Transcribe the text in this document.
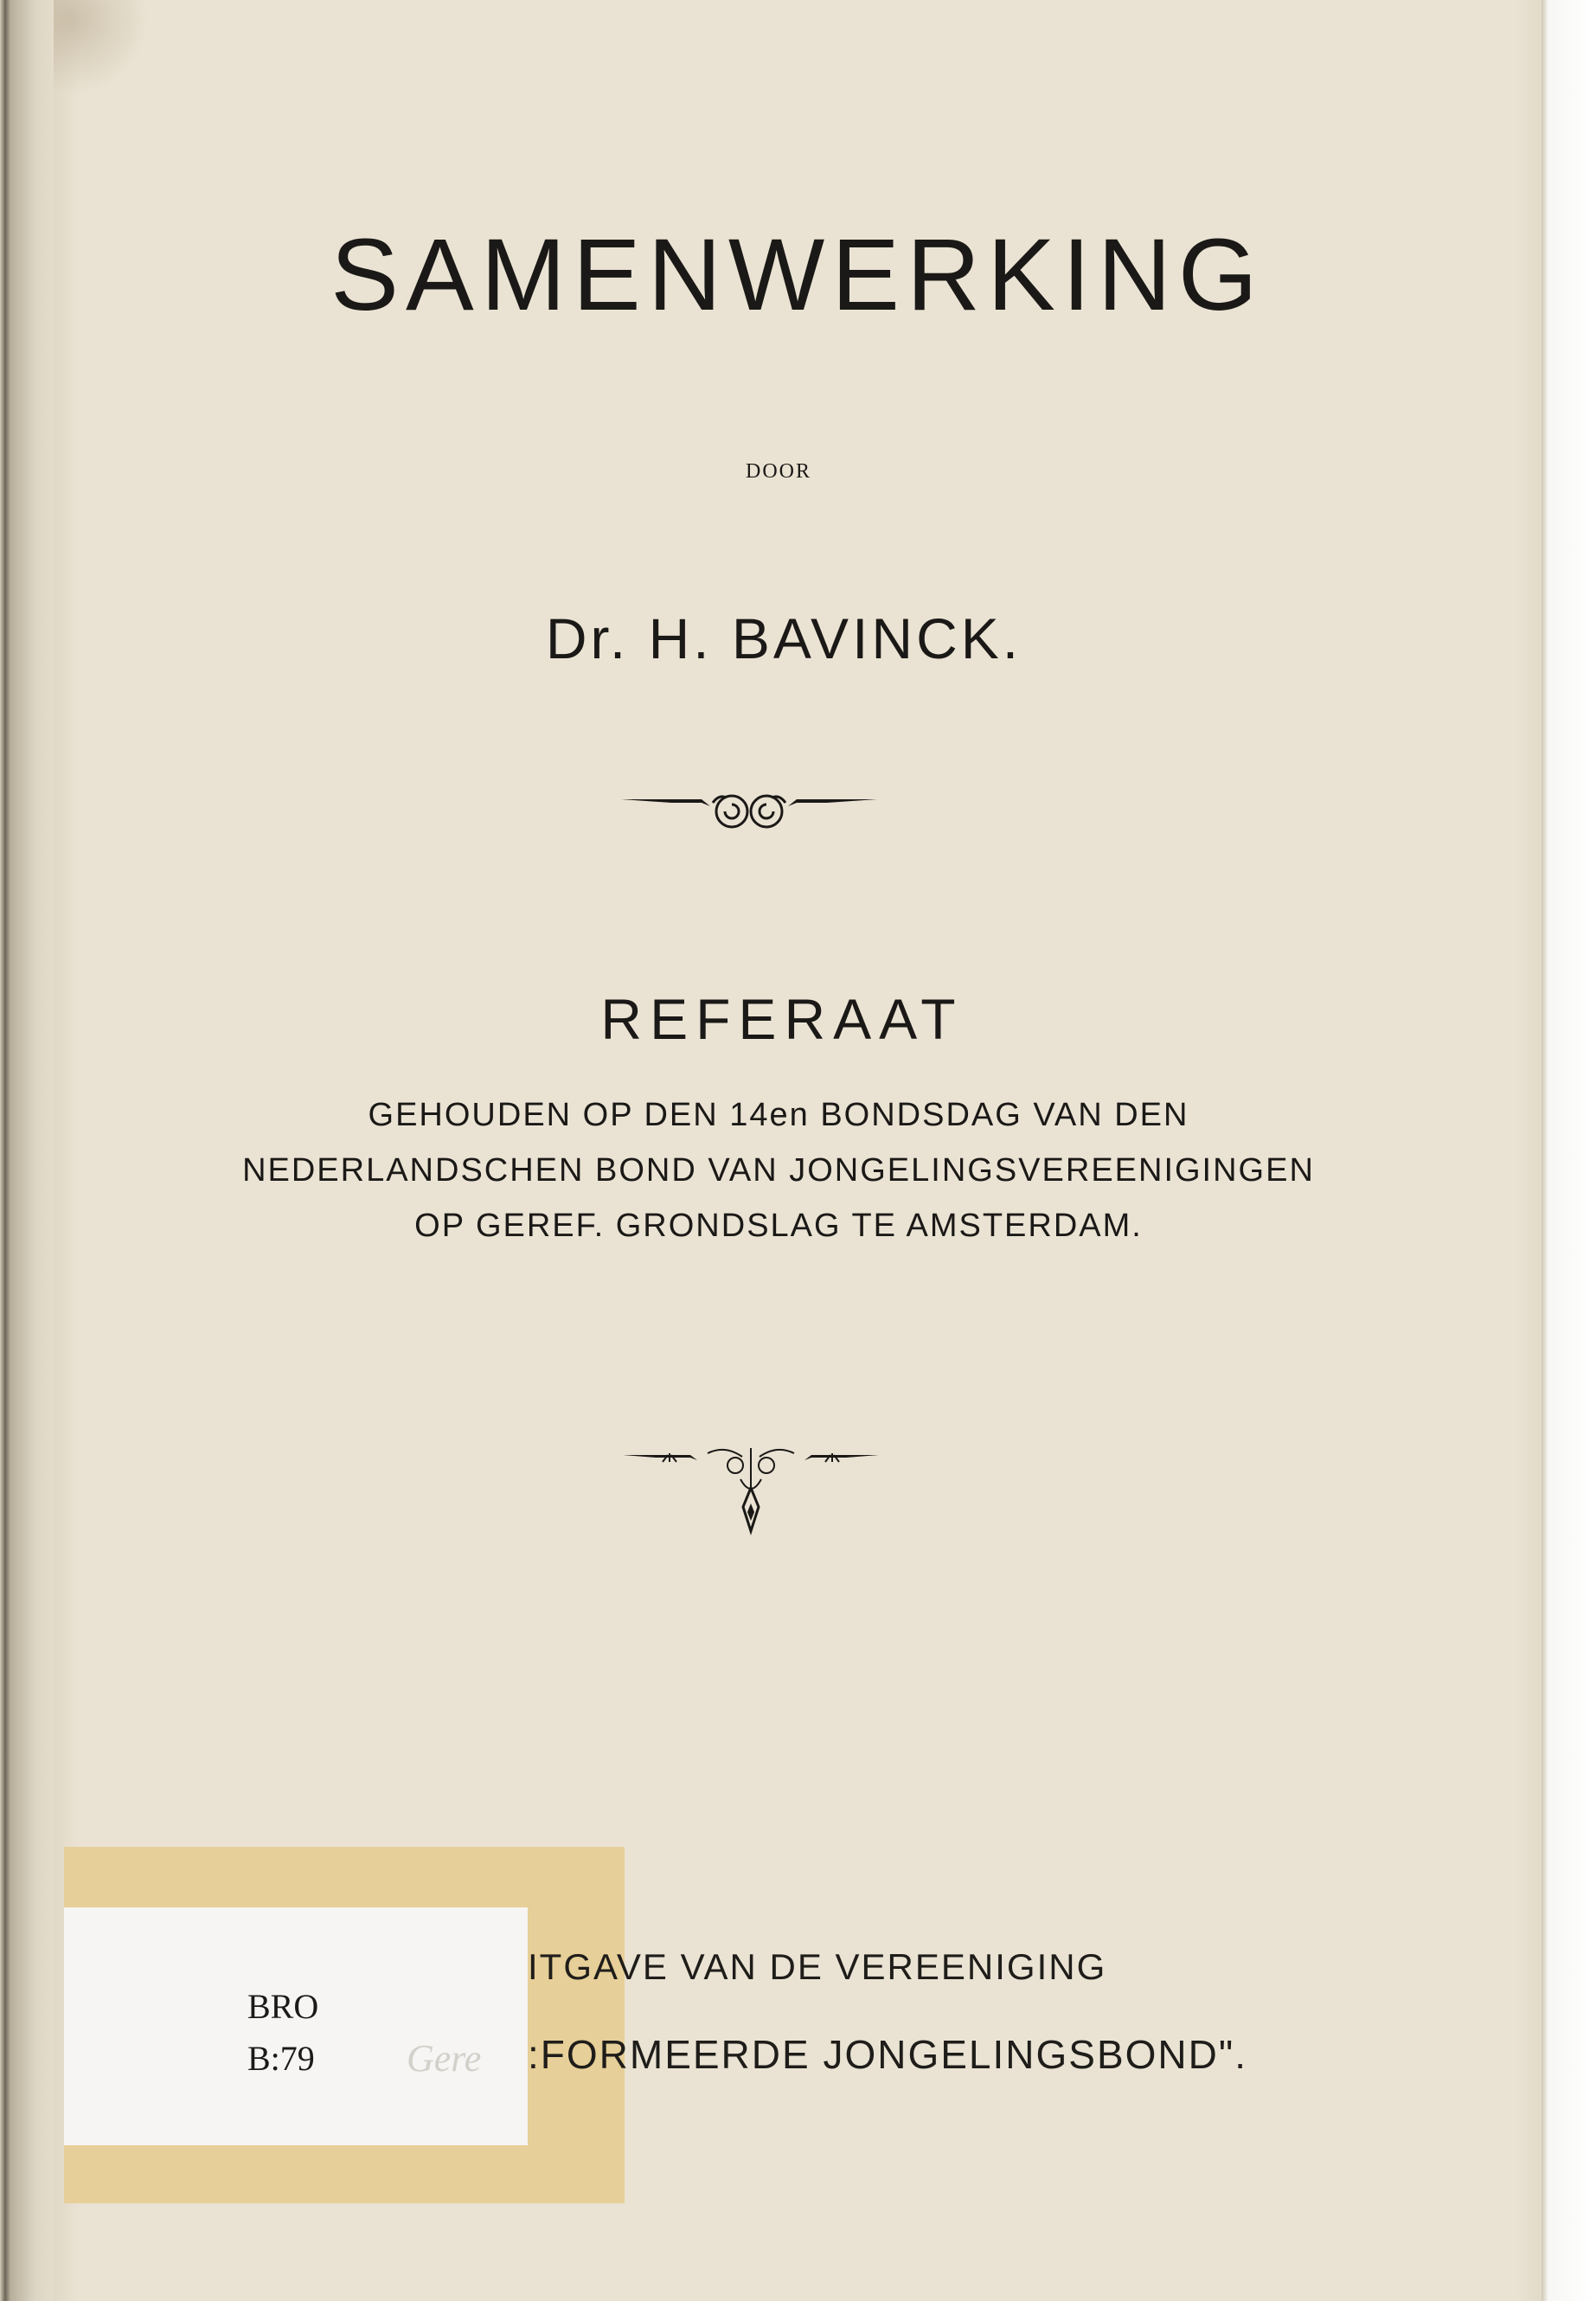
SAMENWERKING
DOOR
Dr. H. BAVINCK.
REFERAAT
GEHOUDEN OP DEN 14en BONDSDAG VAN DEN
NEDERLANDSCHEN BOND VAN JONGELINGSVEREENIGINGEN
OP GEREF. GRONDSLAG TE AMSTERDAM.
BRO
B:79 Gere
ITGAVE VAN DE VEREENIGING
:FORMEERDE JONGELINGSBOND".
